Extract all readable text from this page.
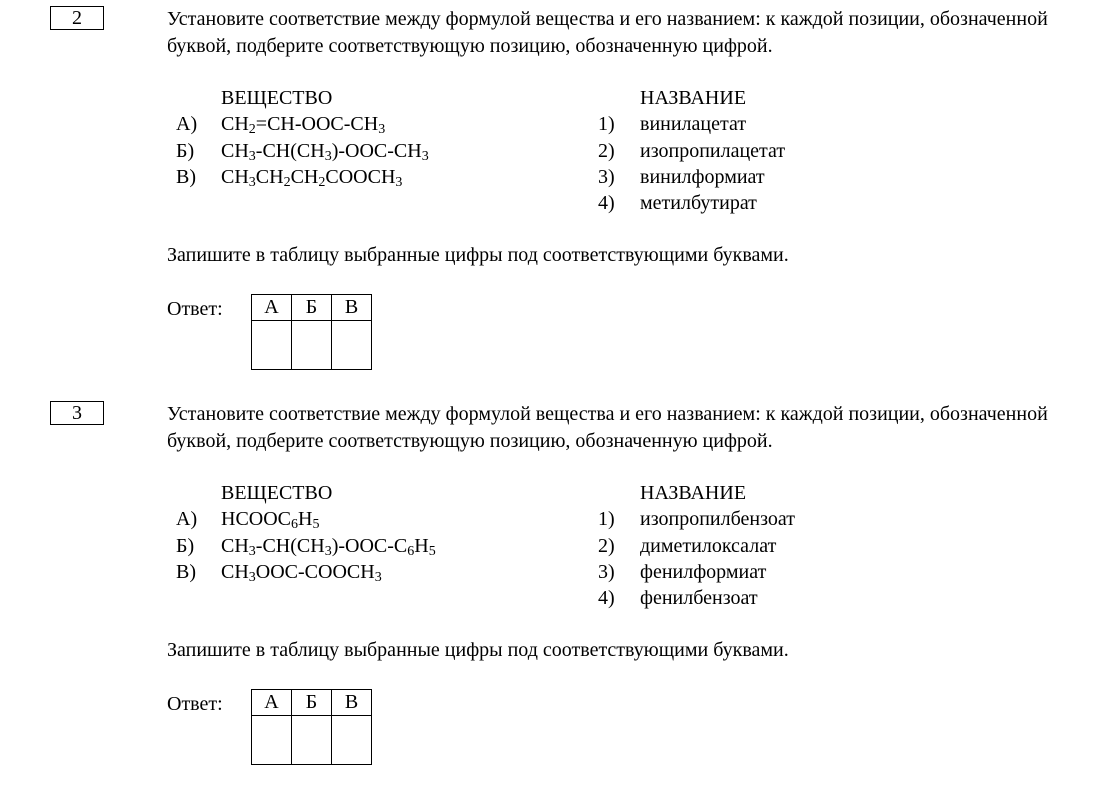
2	Установите соответствие между формулой вещества и его названием: к каждой позиции, обозначенной буквой, подберите соответствующую позицию, обозначенную цифрой.

ВЕЩЕСТВО	НАЗВАНИЕ
А) $CH_2=CH-OOC-CH_3$
Б) $CH_3-CH(CH_3)-OOC-CH_3$
В) $CH_3CH_2CH_2COOCH_3$
1) винилацетат
2) изопропилацетат
3) винилформиат
4) метилбутират

Запишите в таблицу выбранные цифры под соответствующими буквами.

Ответ: А	Б	В

3	Установите соответствие между формулой вещества и его названием: к каждой позиции, обозначенной буквой, подберите соответствующую позицию, обозначенную цифрой.

ВЕЩЕСТВО	НАЗВАНИЕ
А) $HCOOC_6H_5$
Б) $CH_3-CH(CH_3)-OOC-C_6H_5$
В) $CH_3OOC-COOCH_3$
1) изопропилбензоат
2) диметилоксалат
3) фенилформиат
4) фенилбензоат

Запишите в таблицу выбранные цифры под соответствующими буквами.

Ответ: А	Б	В
